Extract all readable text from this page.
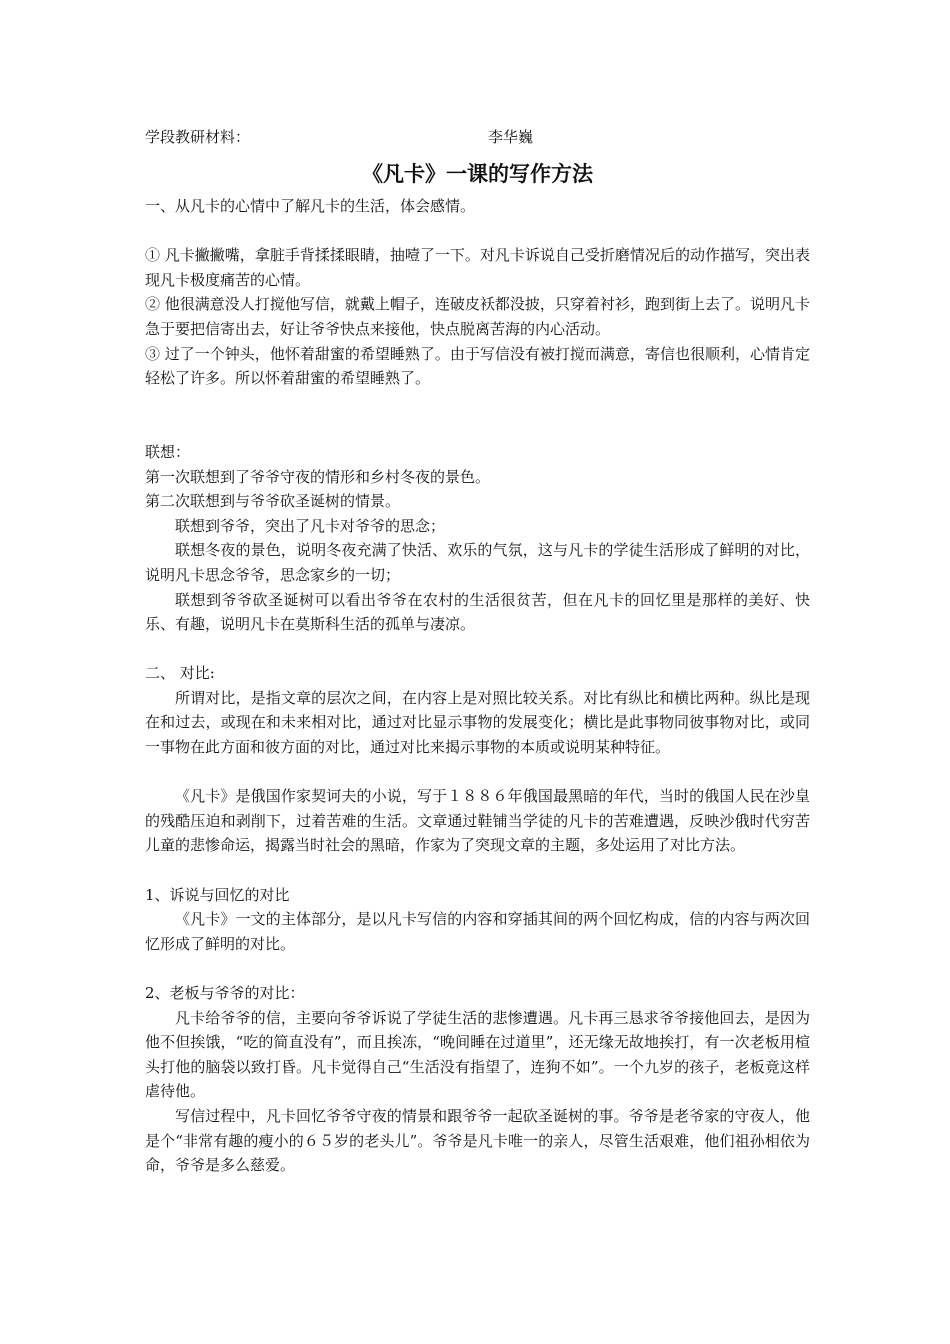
学段教研材料：	李华巍
《凡卡》一课的写作方法

一、从凡卡的心情中了解凡卡的生活，体会感情。

① 凡卡撇撇嘴，拿脏手背揉揉眼睛，抽噎了一下。对凡卡诉说自己受折磨情况后的动作描写，突出表现凡卡极度痛苦的心情。

② 他很满意没人打搅他写信，就戴上帽子，连破皮袄都没披，只穿着衬衫，跑到街上去了。说明凡卡急于要把信寄出去，好让爷爷快点来接他，快点脱离苦海的内心活动。

③ 过了一个钟头，他怀着甜蜜的希望睡熟了。由于写信没有被打搅而满意，寄信也很顺利，心情肯定轻松了许多。所以怀着甜蜜的希望睡熟了。

联想：

第一次联想到了爷爷守夜的情形和乡村冬夜的景色。

第二次联想到与爷爷砍圣诞树的情景。

联想到爷爷，突出了凡卡对爷爷的思念；

联想冬夜的景色，说明冬夜充满了快活、欢乐的气氛，这与凡卡的学徒生活形成了鲜明的对比，说明凡卡思念爷爷，思念家乡的一切；

联想到爷爷砍圣诞树可以看出爷爷在农村的生活很贫苦，但在凡卡的回忆里是那样的美好、快乐、有趣，说明凡卡在莫斯科生活的孤单与凄凉。

二、 对比:

所谓对比，是指文章的层次之间，在内容上是对照比较关系。对比有纵比和横比两种。纵比是现在和过去，或现在和未来相对比，通过对比显示事物的发展变化；横比是此事物同彼事物对比，或同一事物在此方面和彼方面的对比，通过对比来揭示事物的本质或说明某种特征。

《凡卡》是俄国作家契诃夫的小说，写于１８８６年俄国最黑暗的年代，当时的俄国人民在沙皇的残酷压迫和剥削下，过着苦难的生活。文章通过鞋铺当学徒的凡卡的苦难遭遇，反映沙俄时代穷苦儿童的悲惨命运，揭露当时社会的黑暗，作家为了突现文章的主题，多处运用了对比方法。

1、诉说与回忆的对比

《凡卡》一文的主体部分，是以凡卡写信的内容和穿插其间的两个回忆构成，信的内容与两次回忆形成了鲜明的对比。

2、老板与爷爷的对比：

凡卡给爷爷的信，主要向爷爷诉说了学徒生活的悲惨遭遇。凡卡再三恳求爷爷接他回去，是因为他不但挨饿，“吃的简直没有”，而且挨冻，“晚间睡在过道里”，还无缘无故地挨打，有一次老板用楦头打他的脑袋以致打昏。凡卡觉得自己“生活没有指望了，连狗不如”。一个九岁的孩子，老板竟这样虐待他。

写信过程中，凡卡回忆爷爷守夜的情景和跟爷爷一起砍圣诞树的事。爷爷是老爷家的守夜人，他是个“非常有趣的瘦小的６５岁的老头儿”。爷爷是凡卡唯一的亲人，尽管生活艰难，他们祖孙相依为命，爷爷是多么慈爱。
